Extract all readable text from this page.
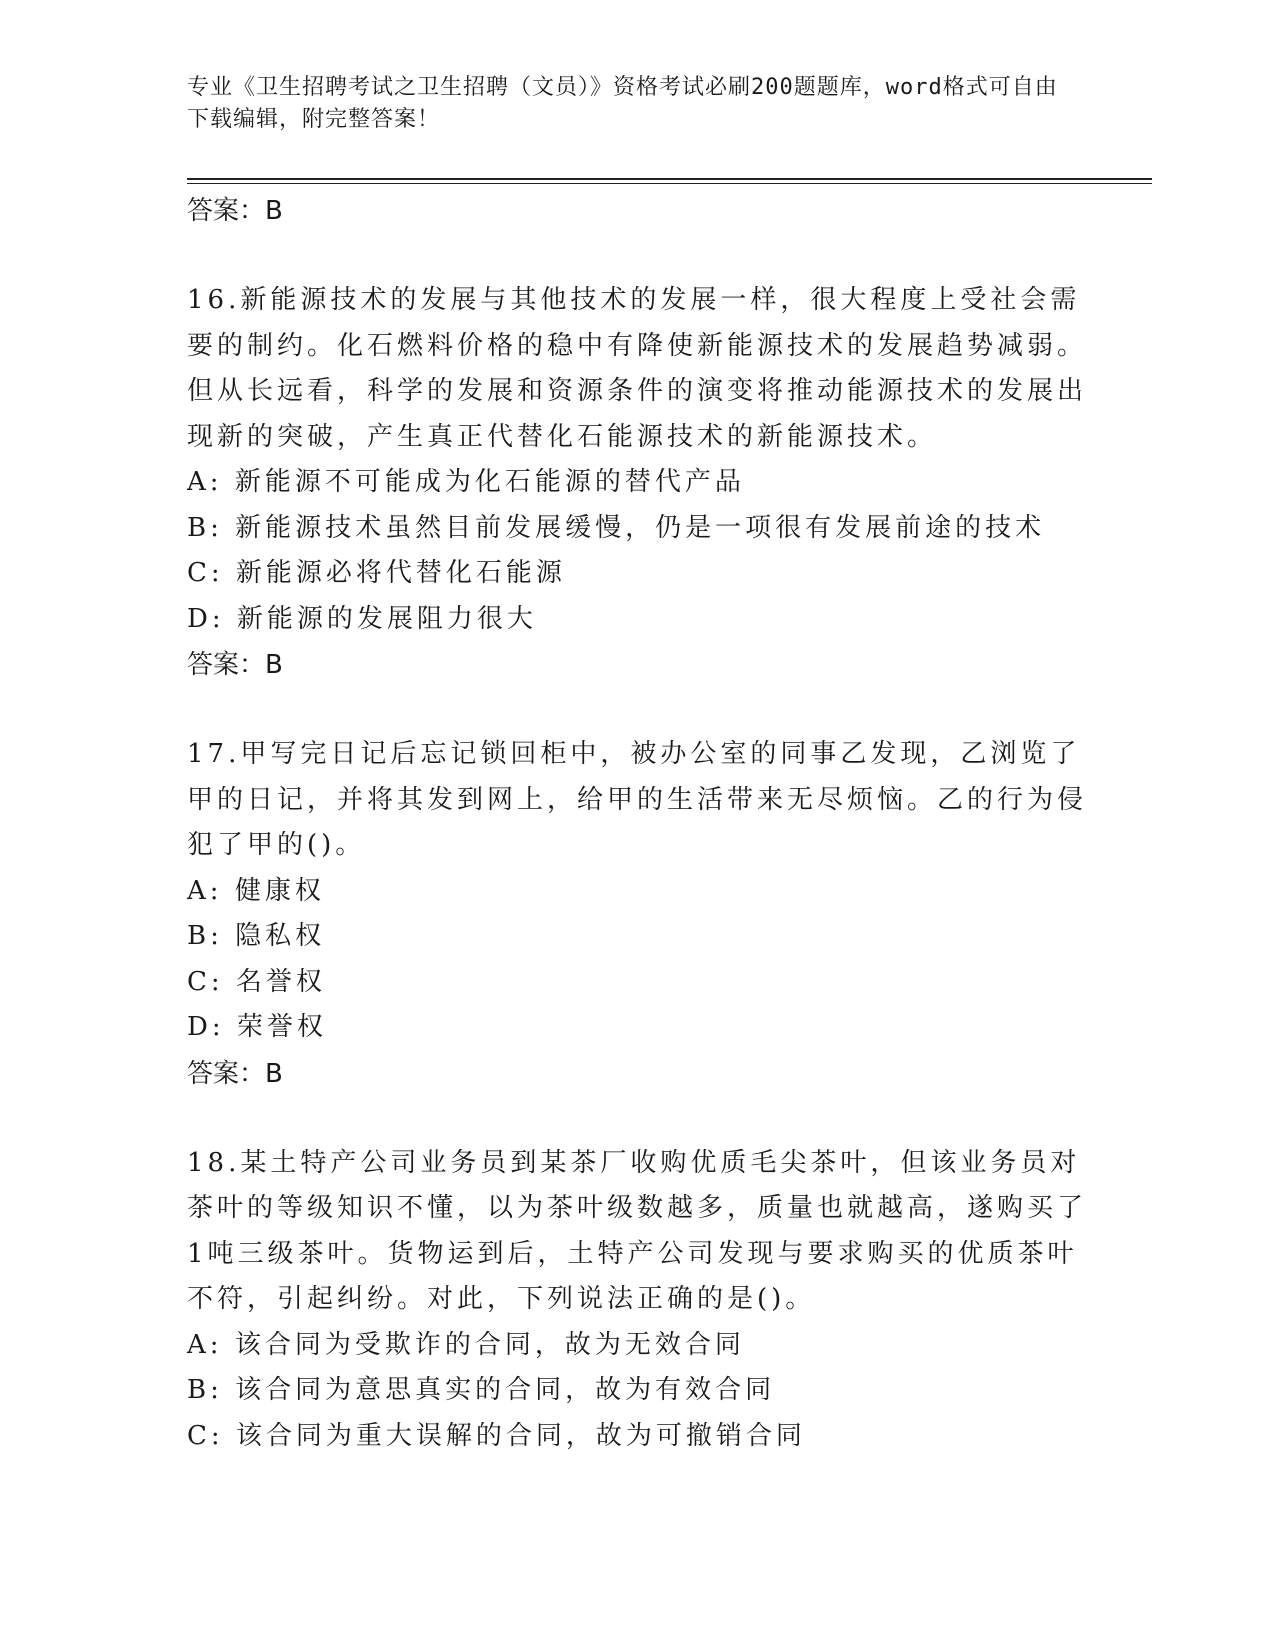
专业《卫生招聘考试之卫生招聘（文员）》资格考试必刷200题题库，word格式可自由下载编辑，附完整答案！
答案：B

16.新能源技术的发展与其他技术的发展一样，很大程度上受社会需要的制约。化石燃料价格的稳中有降使新能源技术的发展趋势减弱。但从长远看，科学的发展和资源条件的演变将推动能源技术的发展出现新的突破，产生真正代替化石能源技术的新能源技术。

A: 新能源不可能成为化石能源的替代产品
B: 新能源技术虽然目前发展缓慢，仍是一项很有发展前途的技术
C: 新能源必将代替化石能源
D: 新能源的发展阻力很大
答案：B

17.甲写完日记后忘记锁回柜中，被办公室的同事乙发现，乙浏览了甲的日记，并将其发到网上，给甲的生活带来无尽烦恼。乙的行为侵犯了甲的()。

A: 健康权
B: 隐私权
C: 名誉权
D: 荣誉权
答案：B

18.某土特产公司业务员到某茶厂收购优质毛尖茶叶，但该业务员对茶叶的等级知识不懂，以为茶叶级数越多，质量也就越高，遂购买了1吨三级茶叶。货物运到后，土特产公司发现与要求购买的优质茶叶不符，引起纠纷。对此，下列说法正确的是()。

A: 该合同为受欺诈的合同，故为无效合同
B: 该合同为意思真实的合同，故为有效合同
C: 该合同为重大误解的合同，故为可撤销合同
